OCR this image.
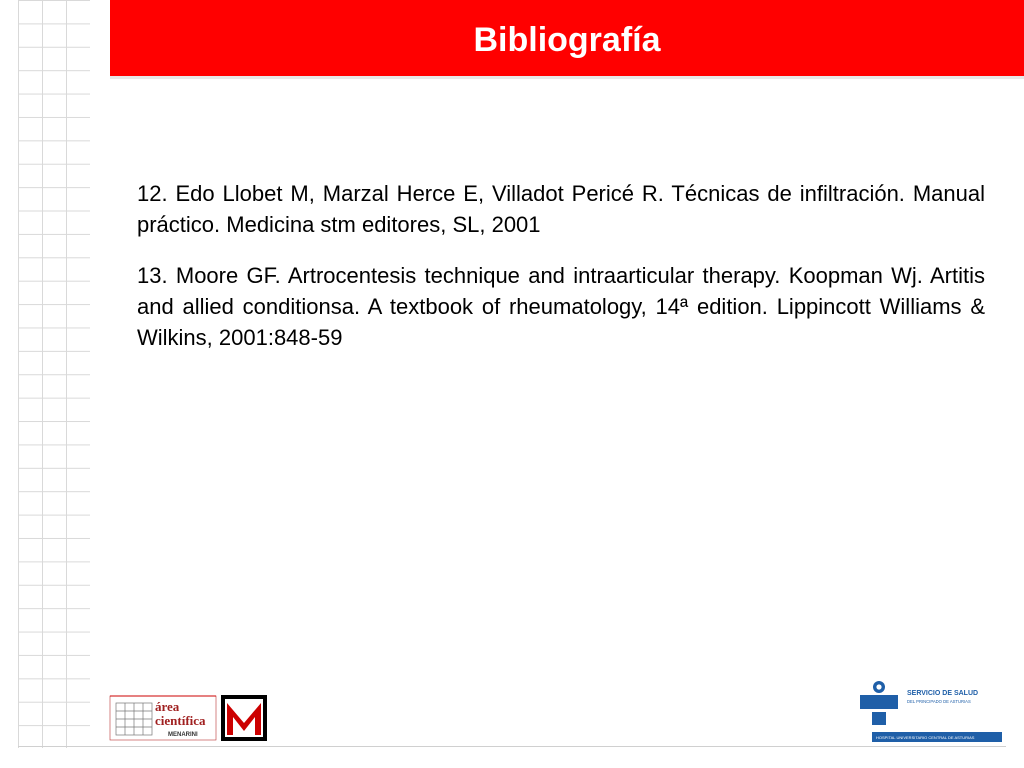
Bibliografía

12. Edo Llobet M, Marzal Herce E, Villadot Pericé R. Técnicas de infiltración. Manual práctico. Medicina stm editores, SL, 2001

13. Moore GF. Artrocentesis technique and intraarticular therapy. Koopman Wj. Artitis and allied conditionsa. A textbook of rheumatology, 14ª edition. Lippincott Williams & Wilkins, 2001:848-59

área
científica
MENARINI
SERVICIO DE SALUD
DEL PRINCIPADO DE ASTURIAS
HOSPITAL UNIVERSITARIO CENTRAL DE ASTURIAS
